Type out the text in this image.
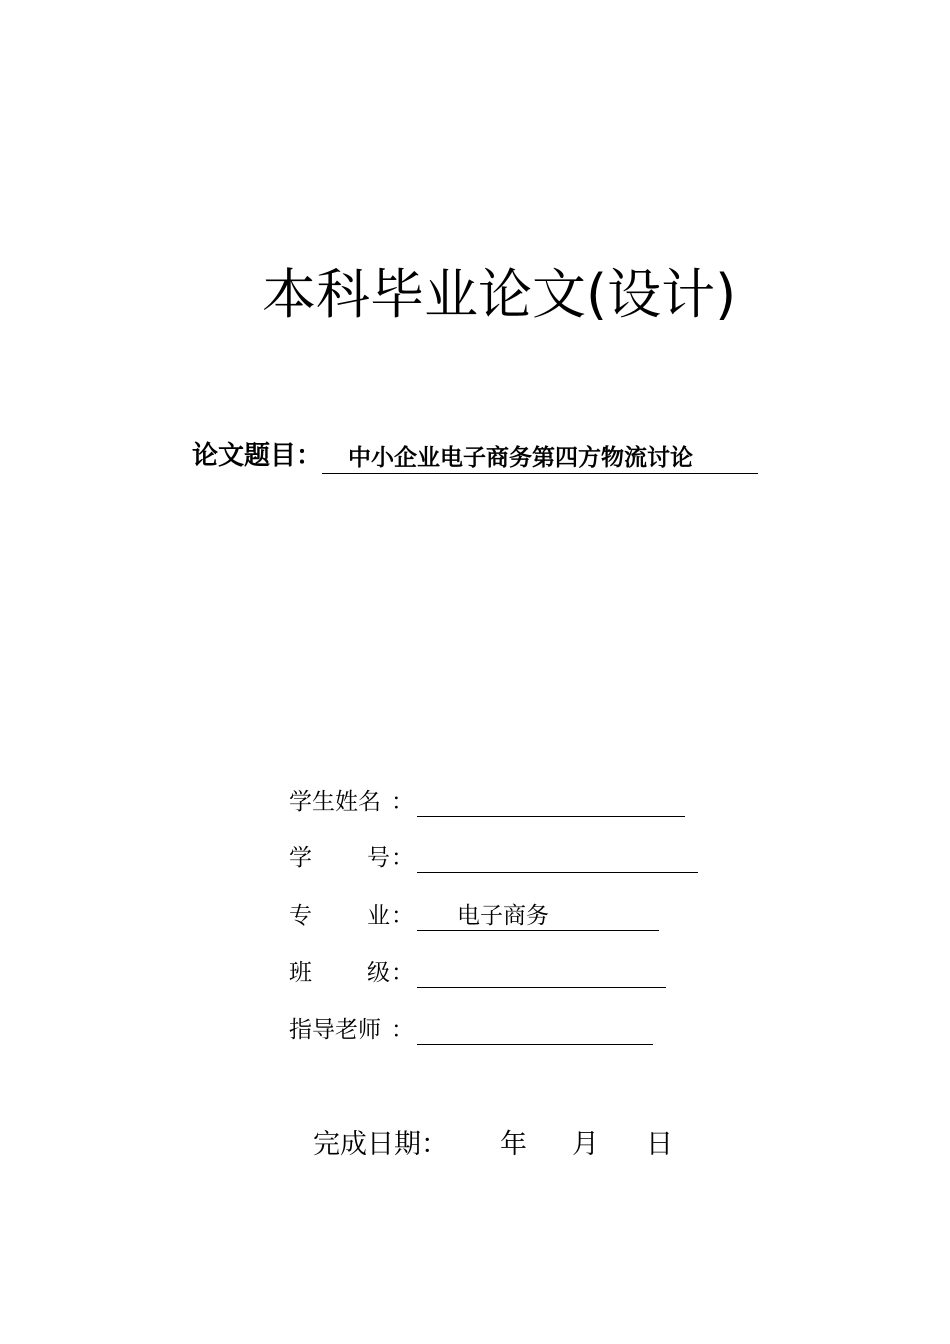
本科毕业论文(设计)
论文题目： 中小企业电子商务第四方物流讨论
学生姓名 ：
学 号 ：
专 业 ： 电子商务
班 级 ：
指导老师 ：
完成日期： 年 月 日
